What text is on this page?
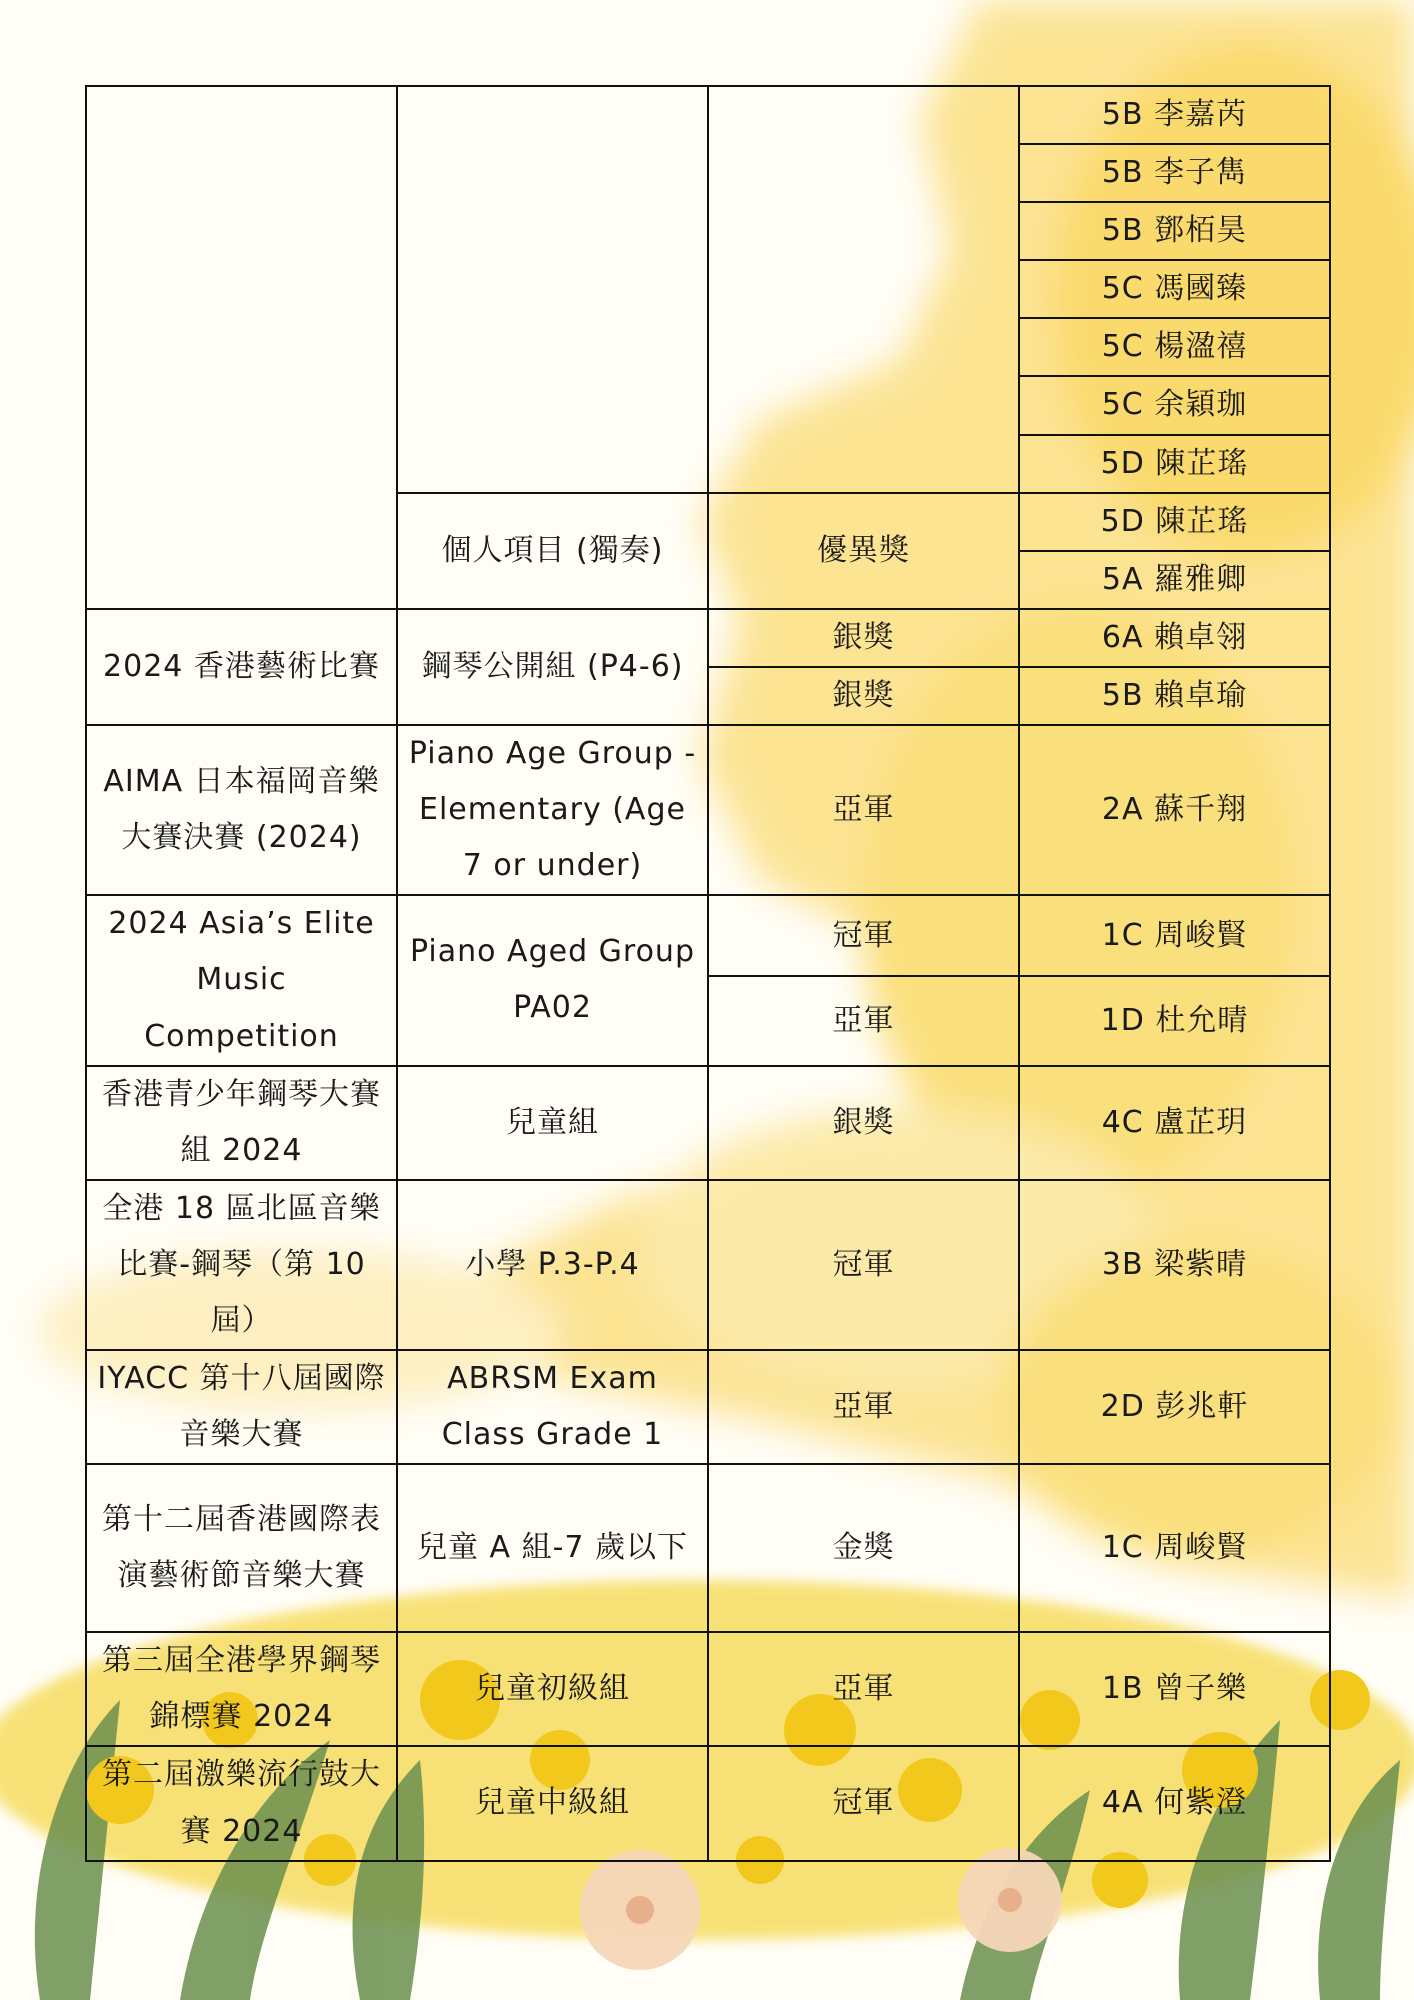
			5B 李嘉芮
			5B 李子雋
			5B 鄧栢昊
			5C 馮國臻
			5C 楊溋禧
			5C 余穎珈
			5D 陳芷瑤
	個人項目 (獨奏)	優異獎	5D 陳芷瑤
			5A 羅雅卿
2024 香港藝術比賽	鋼琴公開組 (P4-6)	銀獎	6A 賴卓翎
		銀獎	5B 賴卓瑜
AIMA 日本福岡音樂大賽決賽 (2024)	Piano Age Group - Elementary (Age 7 or under)	亞軍	2A 蘇千翔
2024 Asia’s Elite Music Competition	Piano Aged Group PA02	冠軍	1C 周峻賢
		亞軍	1D 杜允晴
香港青少年鋼琴大賽組 2024	兒童組	銀獎	4C 盧芷玥
全港 18 區北區音樂比賽-鋼琴（第 10 屆）	小學 P.3-P.4	冠軍	3B 梁紫晴
IYACC 第十八屆國際音樂大賽	ABRSM Exam Class Grade 1	亞軍	2D 彭兆軒
第十二屆香港國際表演藝術節音樂大賽	兒童 A 組-7 歲以下	金獎	1C 周峻賢
第三屆全港學界鋼琴錦標賽 2024	兒童初級組	亞軍	1B 曾子樂
第二屆激樂流行鼓大賽 2024	兒童中級組	冠軍	4A 何紫澄
